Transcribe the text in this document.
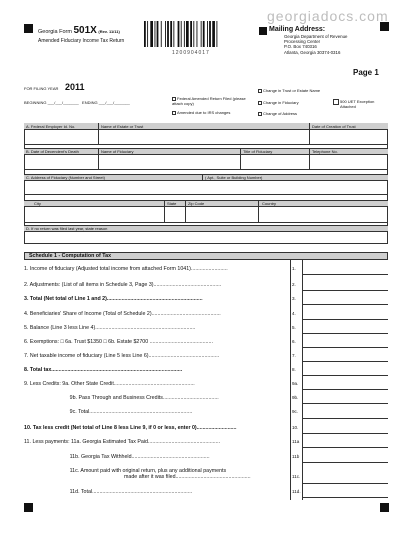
georgiadocs.com
Georgia Form 501X (Rev. 11/11)
Amended Fiduciary Income Tax Return
1200904017
Mailing Address:
Georgia Department of Revenue
Processing Center
P.O. Box 740316
Atlanta, Georgia 30374-0316
Page 1
FOR FILING YEAR 2011
BEGINNING ___/___/_______   ENDING ___/___/_______
Federal Amended Return Filed (please attach copy)
Amended due to IRS changes
Change in Trust or Estate Name
Change in Fiduciary
Change of Address
500 UET Exception Attached
A. Federal Employer Id. No.	Name of Estate or Trust	Date of Creation of Trust
B. Date of Decendent's Death	Name of Fiduciary	Title of Fiduciary	Telephone No.
C. Address of Fiduciary (Number and Street)	( Apt., Suite or Building Number)
City	State	Zip Code	Country
D. If no return was filed last year, state reason
Schedule 1 - Computation of Tax
1. Income of fiduciary (Adjusted total income from attached Form 1041).........................	1.
2. Adjustments: (List of all items in Schedule 3, Page 3)..............................................	2.
3. Total (Net total of Line 1 and 2).................................................................	3.
4. Beneficiaries' Share of Income (Total of Schedule 2)...............................................	4.
5. Balance (Line 3 less Line 4)....................................................................	5.
6. Exemptions: □ 6a. Trust $1350 □ 6b. Estate $2700 ...........................................	6.
7. Net taxable income of fiduciary (Line 5 less Line 6)................................................	7.
8. Total tax.........................................................................................	8.
9. Less Credits: 9a. Other State Credit.......................................................	9a.
9b. Pass Through and Business Credits......................................	9b.
9c. Total......................................................................	9c.
10. Tax less credit (Net total of Line 8 less Line 9, if 0 or less, enter 0)...........................	10.
11. Less payments: 11a. Georgia Estimated Tax Paid.................................................	11a
11b. Georgia Tax Withheld.....................................................	11b
11c. Amount paid with original return, plus any additional payments
made after it was filed...................................................	11c.
11d. Total....................................................................	11d.
